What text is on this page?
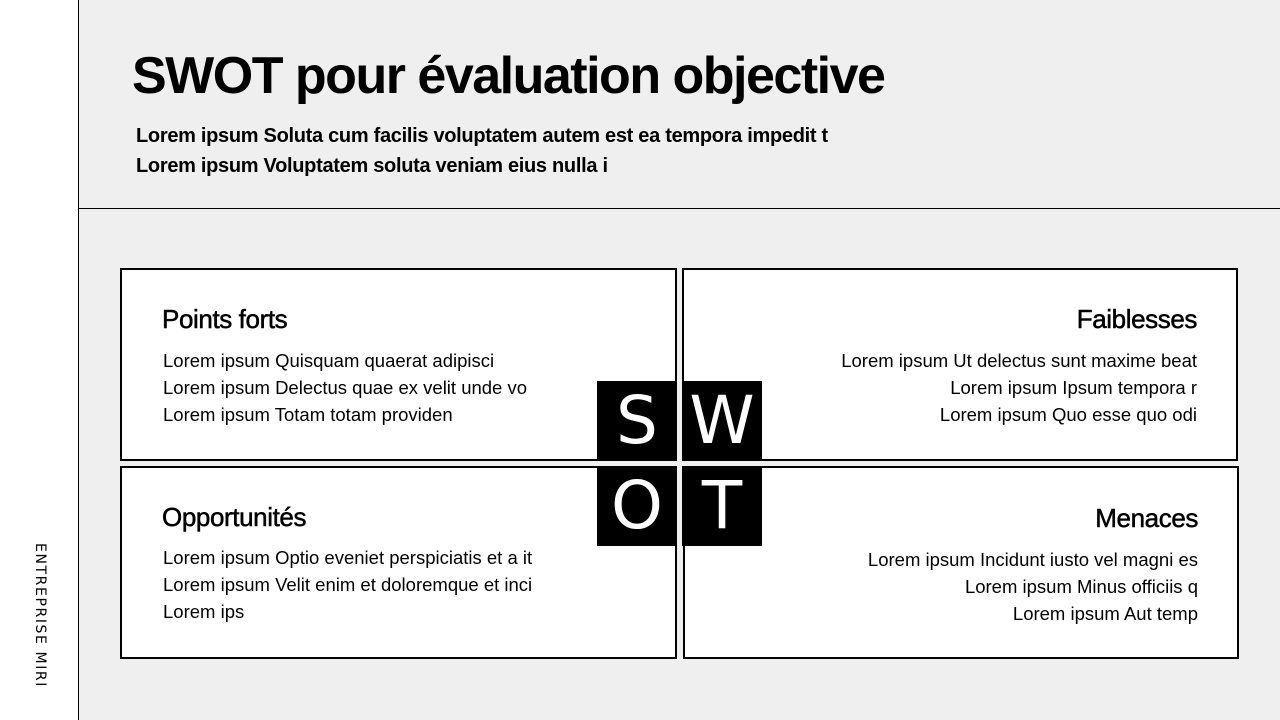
ENTREPRISE MIRI
SWOT pour évaluation objective
Lorem ipsum Soluta cum facilis voluptatem autem est ea tempora impedit t
Lorem ipsum Voluptatem soluta veniam eius nulla i
Points forts
Lorem ipsum Quisquam quaerat adipisci
Lorem ipsum Delectus quae ex velit unde vo
Lorem ipsum Totam totam providen
Faiblesses
Lorem ipsum Ut delectus sunt maxime beat
Lorem ipsum Ipsum tempora r
Lorem ipsum Quo esse quo odi
Opportunités
Lorem ipsum Optio eveniet perspiciatis et a it
Lorem ipsum Velit enim et doloremque et inci
Lorem ips
Menaces
Lorem ipsum Incidunt iusto vel magni es
Lorem ipsum Minus officiis q
Lorem ipsum Aut temp
S W
O T
